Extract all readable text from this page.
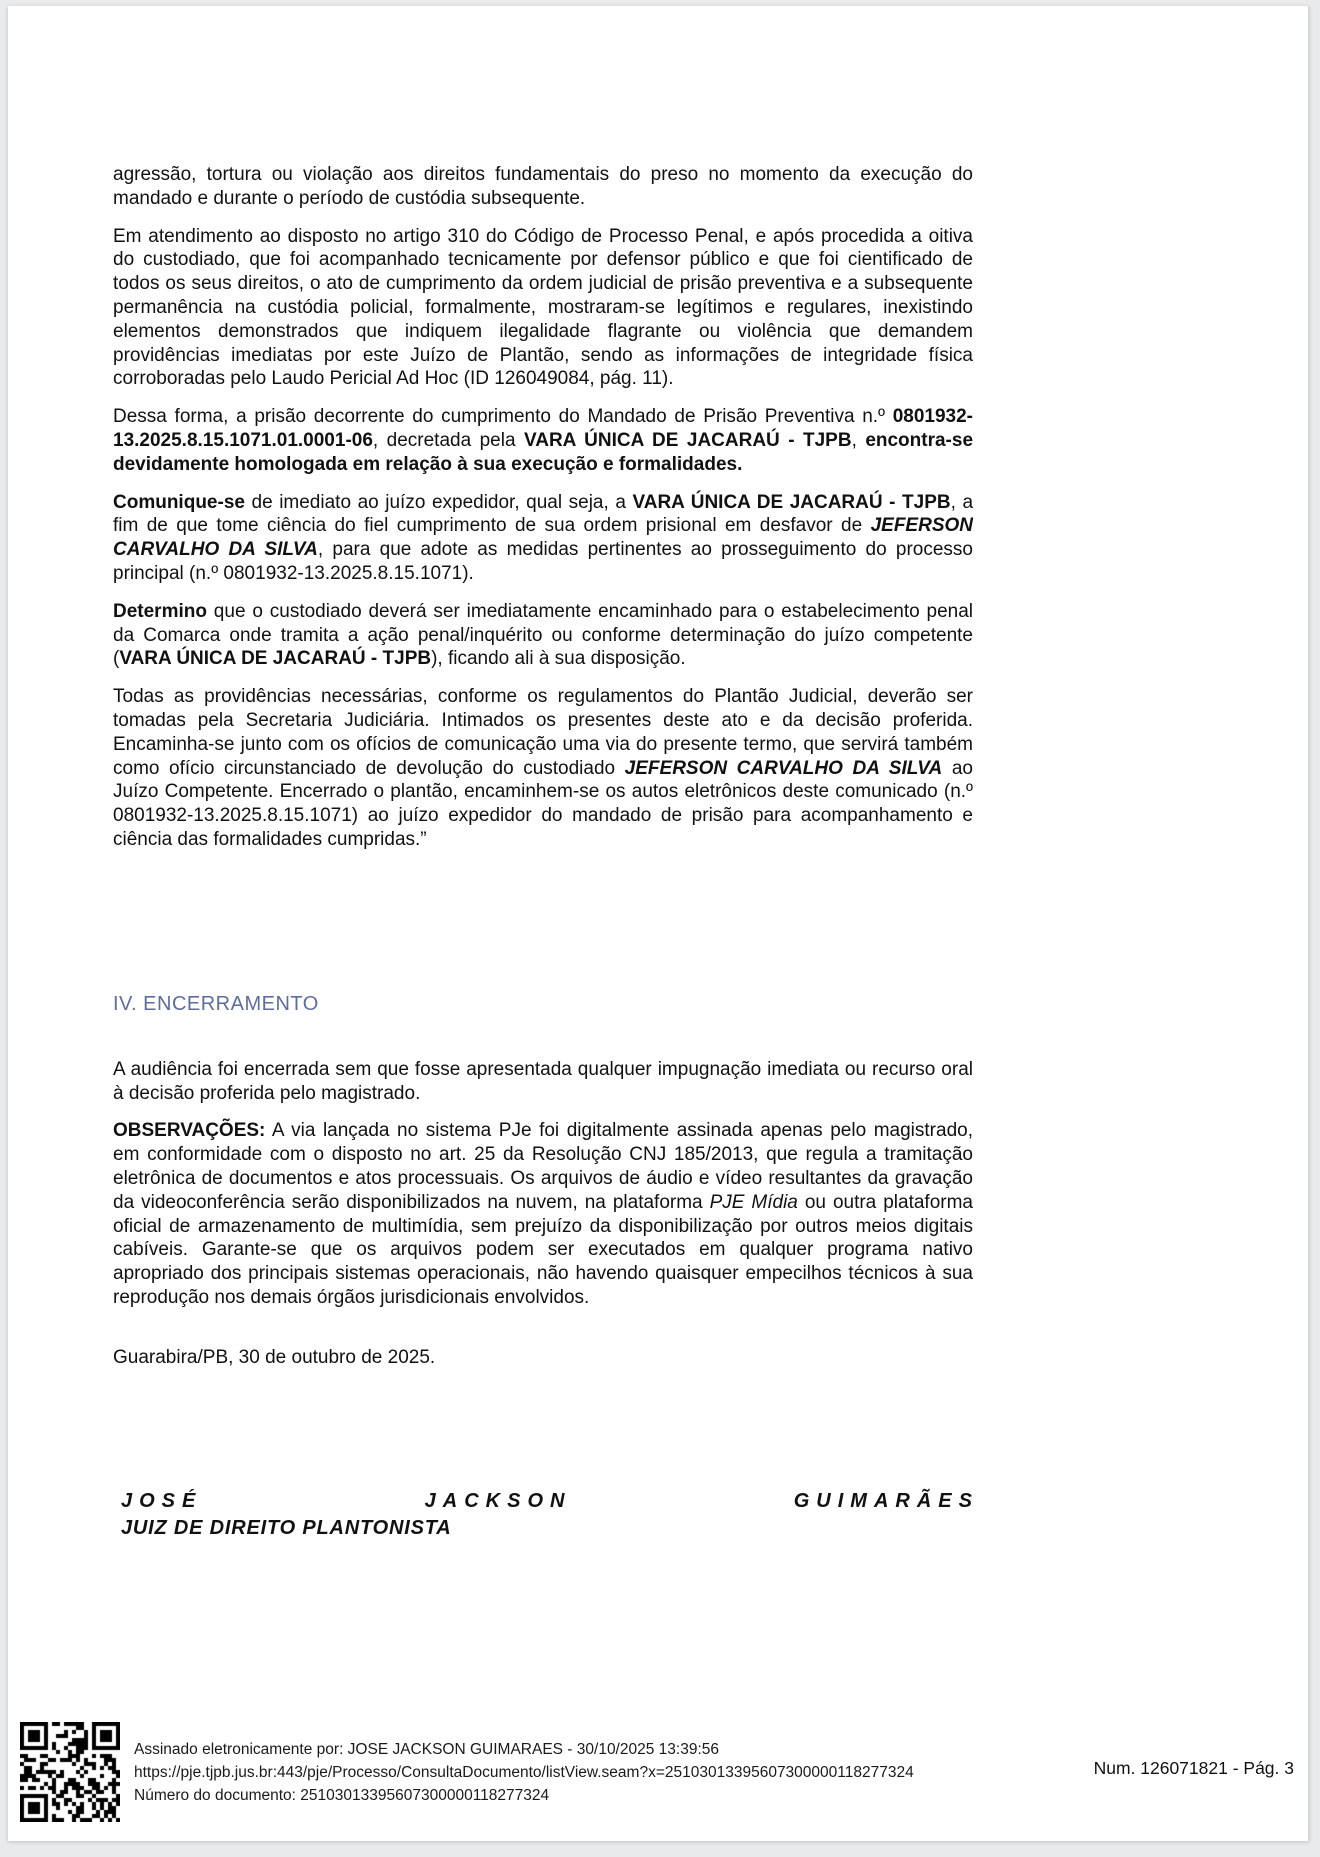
agressão, tortura ou violação aos direitos fundamentais do preso no momento da execução do mandado e durante o período de custódia subsequente.

Em atendimento ao disposto no artigo 310 do Código de Processo Penal, e após procedida a oitiva do custodiado, que foi acompanhado tecnicamente por defensor público e que foi cientificado de todos os seus direitos, o ato de cumprimento da ordem judicial de prisão preventiva e a subsequente permanência na custódia policial, formalmente, mostraram-se legítimos e regulares, inexistindo elementos demonstrados que indiquem ilegalidade flagrante ou violência que demandem providências imediatas por este Juízo de Plantão, sendo as informações de integridade física corroboradas pelo Laudo Pericial Ad Hoc (ID 126049084, pág. 11).

Dessa forma, a prisão decorrente do cumprimento do Mandado de Prisão Preventiva n.º 0801932-13.2025.8.15.1071.01.0001-06, decretada pela VARA ÚNICA DE JACARAÚ - TJPB, encontra-se devidamente homologada em relação à sua execução e formalidades.

Comunique-se de imediato ao juízo expedidor, qual seja, a VARA ÚNICA DE JACARAÚ - TJPB, a fim de que tome ciência do fiel cumprimento de sua ordem prisional em desfavor de JEFERSON CARVALHO DA SILVA, para que adote as medidas pertinentes ao prosseguimento do processo principal (n.º 0801932-13.2025.8.15.1071).

Determino que o custodiado deverá ser imediatamente encaminhado para o estabelecimento penal da Comarca onde tramita a ação penal/inquérito ou conforme determinação do juízo competente (VARA ÚNICA DE JACARAÚ - TJPB), ficando ali à sua disposição.

Todas as providências necessárias, conforme os regulamentos do Plantão Judicial, deverão ser tomadas pela Secretaria Judiciária. Intimados os presentes deste ato e da decisão proferida. Encaminha-se junto com os ofícios de comunicação uma via do presente termo, que servirá também como ofício circunstanciado de devolução do custodiado JEFERSON CARVALHO DA SILVA ao Juízo Competente. Encerrado o plantão, encaminhem-se os autos eletrônicos deste comunicado (n.º 0801932-13.2025.8.15.1071) ao juízo expedidor do mandado de prisão para acompanhamento e ciência das formalidades cumpridas.”

IV. ENCERRAMENTO

A audiência foi encerrada sem que fosse apresentada qualquer impugnação imediata ou recurso oral à decisão proferida pelo magistrado.

OBSERVAÇÕES: A via lançada no sistema PJe foi digitalmente assinada apenas pelo magistrado, em conformidade com o disposto no art. 25 da Resolução CNJ 185/2013, que regula a tramitação eletrônica de documentos e atos processuais. Os arquivos de áudio e vídeo resultantes da gravação da videoconferência serão disponibilizados na nuvem, na plataforma PJE Mídia ou outra plataforma oficial de armazenamento de multimídia, sem prejuízo da disponibilização por outros meios digitais cabíveis. Garante-se que os arquivos podem ser executados em qualquer programa nativo apropriado dos principais sistemas operacionais, não havendo quaisquer empecilhos técnicos à sua reprodução nos demais órgãos jurisdicionais envolvidos.

Guarabira/PB, 30 de outubro de 2025.

JOSÉ	JACKSON	GUIMARÃES
JUIZ DE DIREITO PLANTONISTA
Assinado eletronicamente por: JOSE JACKSON GUIMARAES - 30/10/2025 13:39:56
https://pje.tjpb.jus.br:443/pje/Processo/ConsultaDocumento/listView.seam?x=25103013395607300000118277324
Número do documento: 25103013395607300000118277324
Num. 126071821 - Pág. 3
